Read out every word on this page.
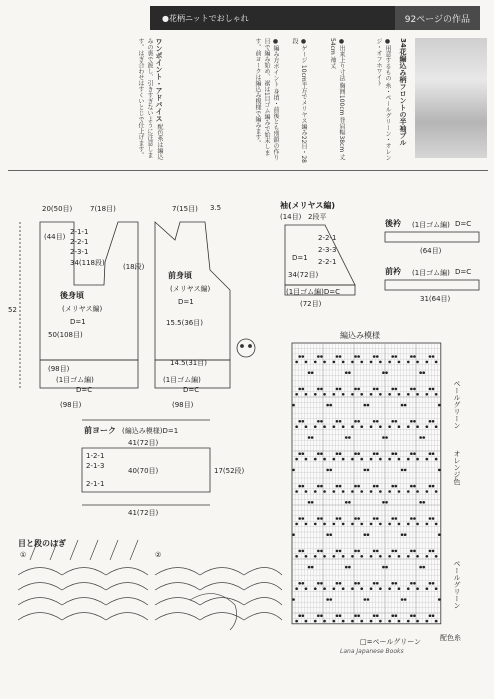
●花柄ニットでおしゃれ	92ページの作品
34花編込み柄フロントの半袖プル
●用意するもの 糸・ペールグリーン・オレンジ・オフホワイト
●出来上り寸法 胸囲100cm 背肩幅38cm 丈54cm 袖丈
●ゲージ 10cm平方でメリヤス編み22目・28段
●編み方ポイント 身頃・前後とも別鎖の作り目で編み始め、裾は1目ゴム編みで始末します。前ヨークは編込み模様で編みます。
ワンポイント・アドバイス 配色糸は編込みの裏で渡し、引きすぎないように注意します。はぎ合わせはすくいとじで仕上げます。
20(50目)	7(18目)
後身頃
(メリヤス編)
D=1
50(108目)
(98目)
(1目ゴム編)
D=C
(98目)
52
34(118段)	(18段)
2-1-1
2-2-1
2-3-1
(44目)
7(15目) 3.5
前身頃
(メリヤス編)
D=1
15.5(36目)
14.5(31目)
(1目ゴム編)
D=C
(98目)
袖(メリヤス編)
(14目) 2段平
2-2-1
2-3-3
2-2-1
D=1
34(72目)
(1目ゴム編)D=C
(72目)
後衿 (1目ゴム編) D=C
(64目)
前衿 (1目ゴム編) D=C
31(64目)
前ヨーク (編込み模様)D=1
41(72目)
40(70目)
41(72目)
17(52段)
1-2-1
2-1-3
2-1-1
編込み模様
ペールグリーン
オレンジ色
ペールグリーン
配色糸
□=ペールグリーン
目と段のはぎ
①	②
Lana Japanese Books
